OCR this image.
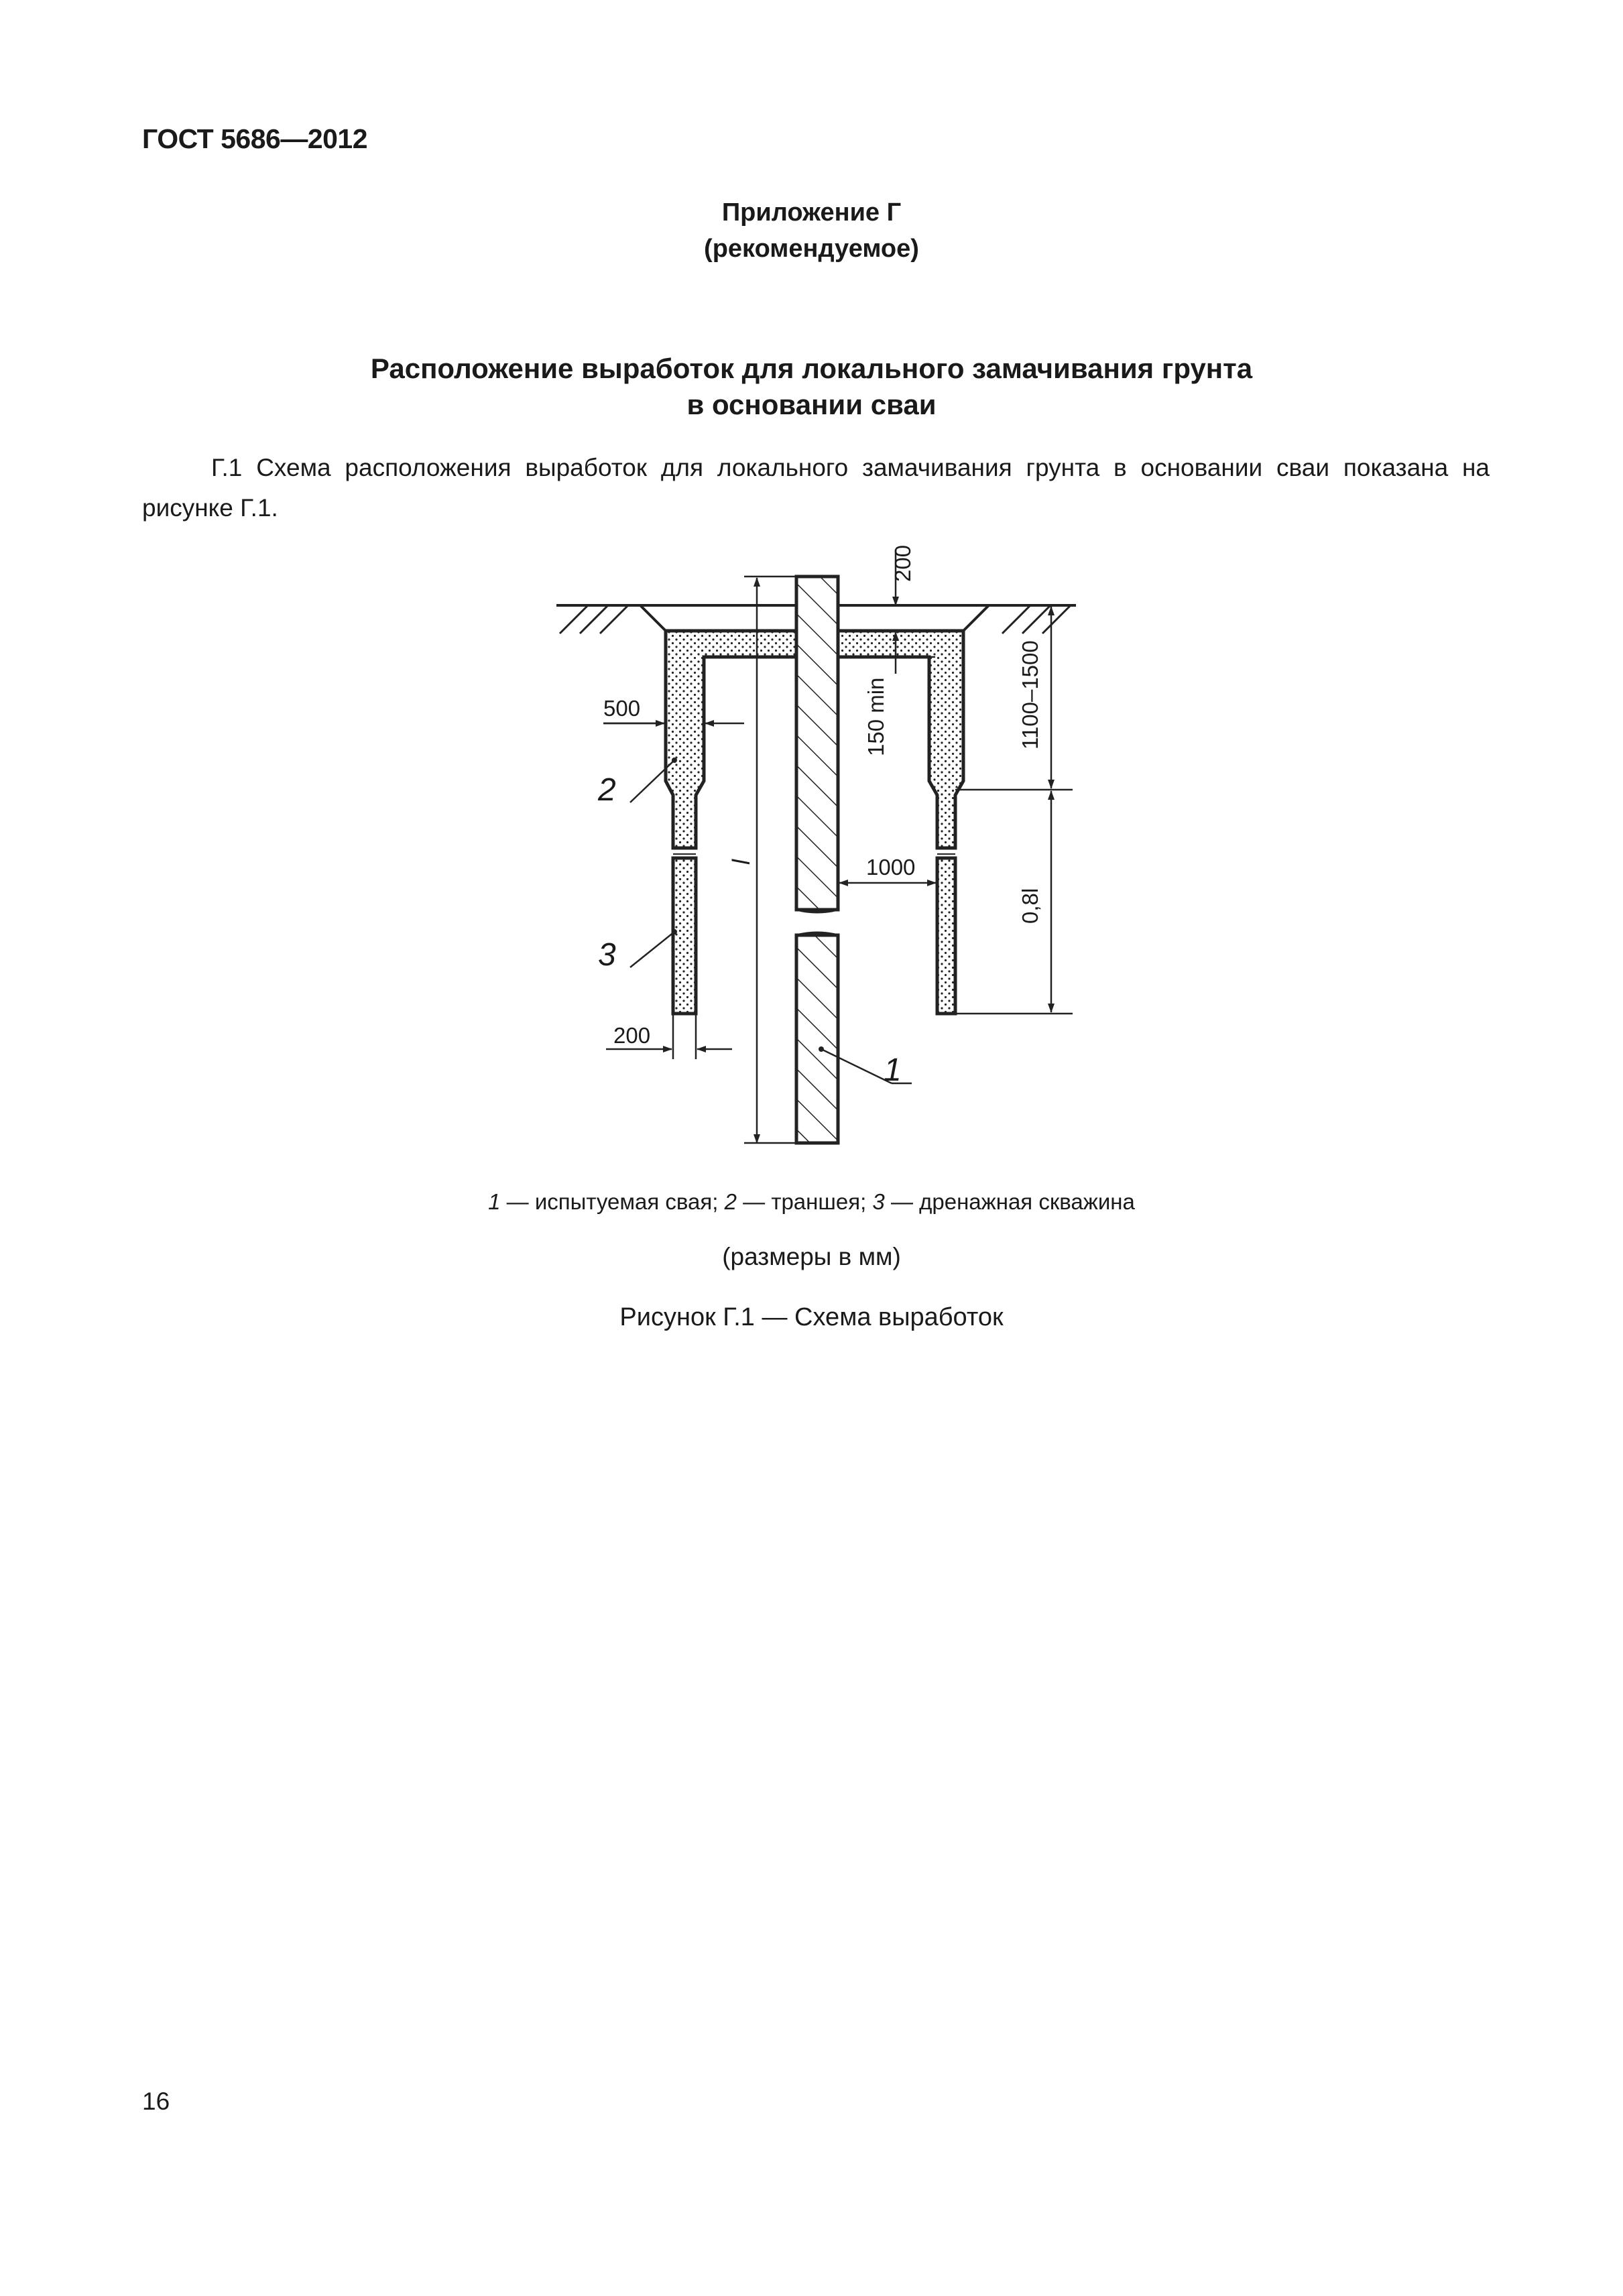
ГОСТ 5686—2012
Приложение Г
(рекомендуемое)
Расположение выработок для локального замачивания грунта
в основании сваи
Г.1 Схема расположения выработок для локального замачивания грунта в основании сваи показана на рисунке Г.1.
500
200
1000
200
150 min	1100–1500
0,8l
l
2
3
1
1 — испытуемая свая; 2 — траншея; 3 — дренажная скважина
(размеры в мм)
Рисунок Г.1 — Схема выработок
16
